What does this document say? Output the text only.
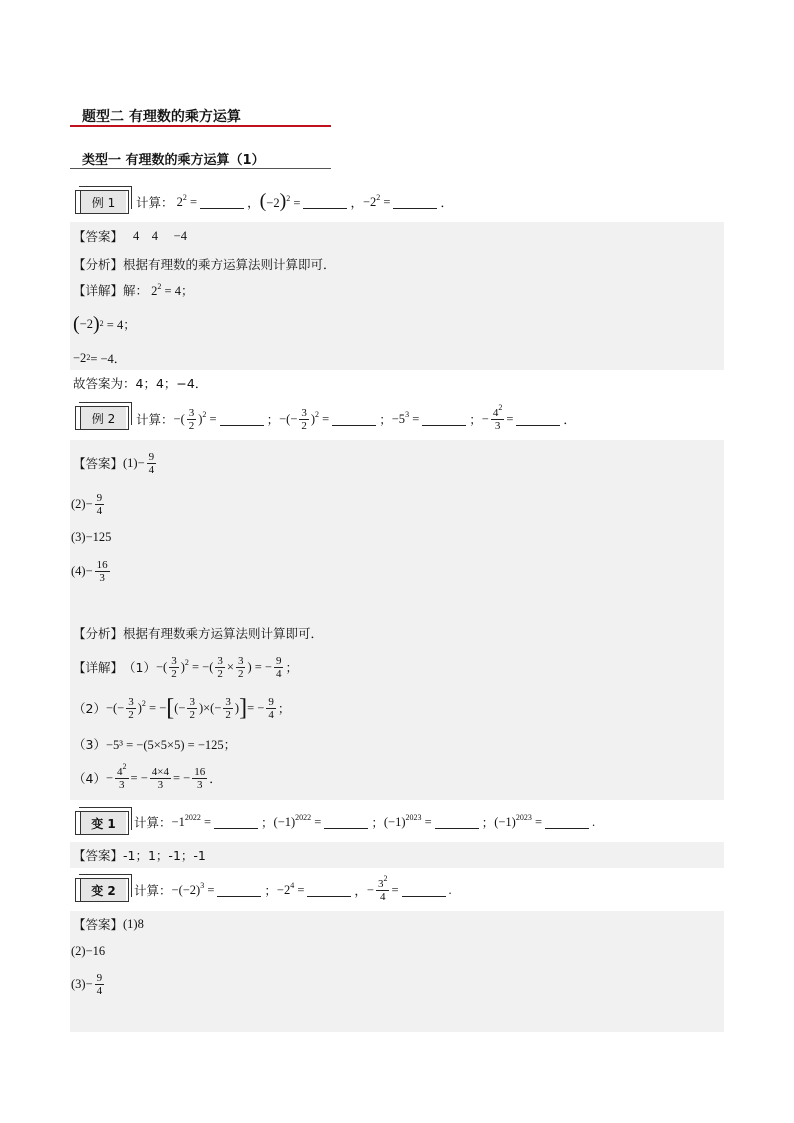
题型二 有理数的乘方运算
类型一 有理数的乘方运算（1）
例 1	计算： $2^2$ =	， $(-2)^2$ =	， $-2^2$ =	．
【答案】 4    4     −4
【分析】 根据有理数的乘方运算法则计算即可．
【详解】 解： $2^2 = 4$；
( −2 ) 2 = 4；
−2 2 = −4．
故答案为：4；4；−4．
例 2	计算： −( $\frac{3}{2} )^2$ =	； −(− $\frac{3}{2} )^2$ =	； $-5^3$ =	； − $\frac{4^2}{3}$ =	．
【答案】 $(1)- \frac{9}{4}$
$(2)- \frac{9}{4}$
(3)−125
$(4)- \frac{16}{3}$
【分析】 根据有理数乘方运算法则计算即可．
【详解】 （1） −( $\frac{3}{2} )^2$ = −( $\frac{3}{2} \times \frac{3}{2}$ ) = − $\frac{9}{4}$ ；
（2） −(− $\frac{3}{2} )^2$ = − [ (− $\frac{3}{2}$ )×(− $\frac{3}{2}$ ) ] = − $\frac{9}{4}$ ；
（3） −5³ = −(5×5×5) = −125；
$(4) - \frac{4^2}{3}$ = − $\frac{4\times 4}{3}$ = − $\frac{16}{3}$ ．
变 1	计算： $-1^{2022}$ =	； $(-1)^{2022}$ =	； $(-1)^{2023}$ =	； $(-1)^{2023}$ =	.
【答案】 -1；1；-1；-1
变 2	计算： $-(-2)^3$ =	； $-2^4$ =	， − $\frac{3^2}{4}$ =	.
【答案】 (1)8
(2)−16
$(3)- \frac{9}{4}$
